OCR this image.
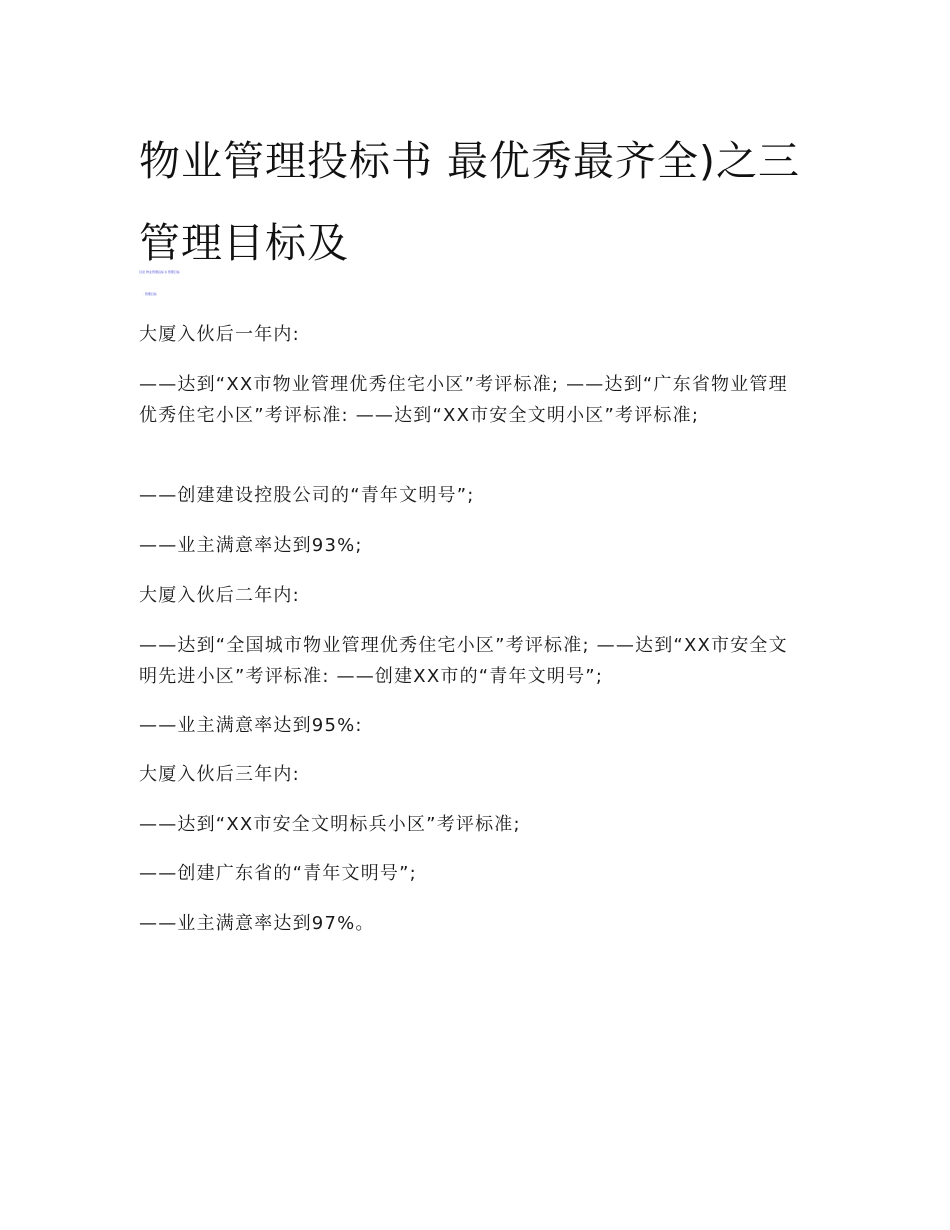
物业管理投标书 最优秀最齐全)之三管理目标及
目录 物业管理投标书 管理目标
· 管理目标

大厦入伙后一年内:

——达到“XX市物业管理优秀住宅小区”考评标准; ——达到“广东省物业管理优秀住宅小区”考评标准: ——达到“XX市安全文明小区”考评标准;

——创建建设控股公司的“青年文明号”;

——业主满意率达到93%;

大厦入伙后二年内:

——达到“全国城市物业管理优秀住宅小区”考评标准; ——达到“XX市安全文明先进小区”考评标准: ——创建XX市的“青年文明号”;

——业主满意率达到95%:

大厦入伙后三年内:

——达到“XX市安全文明标兵小区”考评标准;

——创建广东省的“青年文明号”;

——业主满意率达到97%。
